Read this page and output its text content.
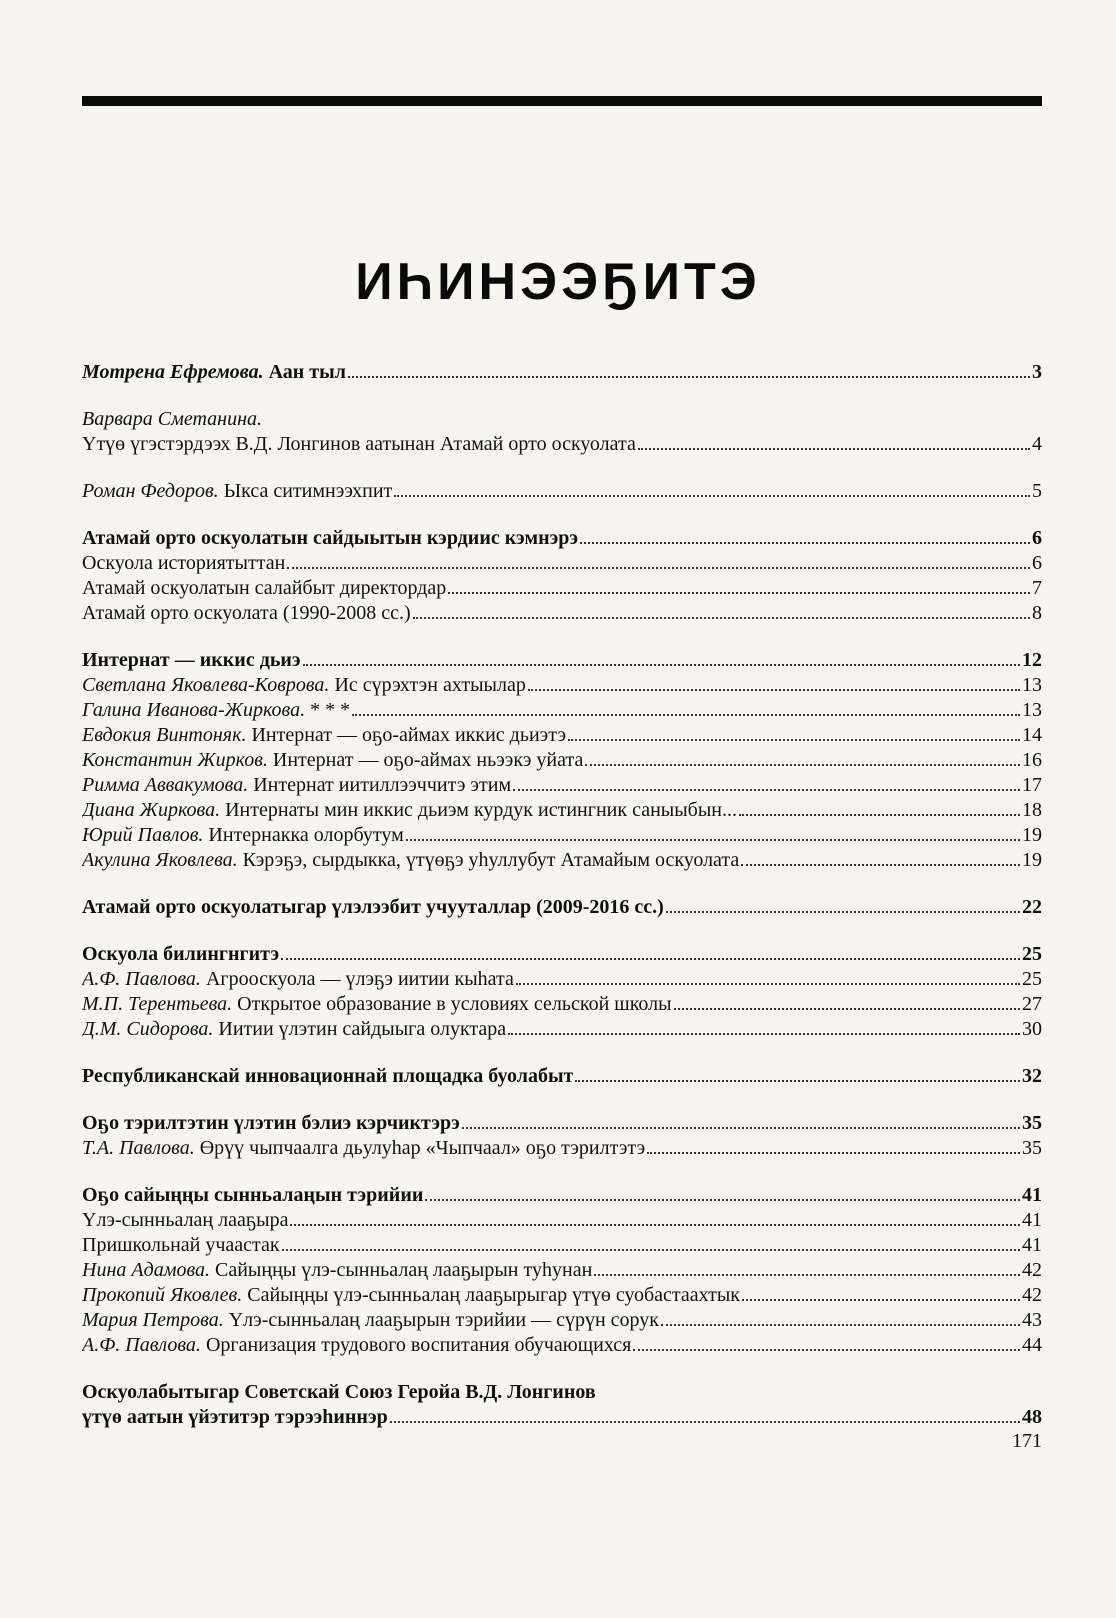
ИҺИНЭЭҔИТЭ
Мотрена Ефремова. Аан тыл	3
Варвара Сметанина.
Үтүө үгэстэрдээх В.Д. Лонгинов аатынан Атамай орто оскуолата	4
Роман Федоров. Ыкса ситимнээхпит	5
Атамай орто оскуолатын сайдыытын кэрдиис кэмнэрэ	6
Оскуола историятыттан	6
Атамай оскуолатын салайбыт директордар	7
Атамай орто оскуолата (1990-2008 сс.)	8
Интернат — иккис дьиэ	12
Светлана Яковлева-Коврова. Ис сүрэхтэн ахтыылар	13
Галина Иванова-Жиркова. * * *	13
Евдокия Винтоняк. Интернат — оҕо-аймах иккис дьиэтэ	14
Константин Жирков. Интернат — оҕо-аймах ньээкэ уйата	16
Римма Аввакумова. Интернат иитиллээччитэ этим	17
Диана Жиркова. Интернаты мин иккис дьиэм курдук истингник саныыбын...	18
Юрий Павлов. Интернакка олорбутум	19
Акулина Яковлева. Кэрэҕэ, сырдыкка, үтүөҕэ уһуллубут Атамайым оскуолата	19
Атамай орто оскуолатыгар үлэлээбит учууталлар (2009-2016 сс.)	22
Оскуола билингнгитэ	25
А.Ф. Павлова. Агрооскуола — үлэҕэ иитии кыһата	25
М.П. Терентьева. Открытое образование в условиях сельской школы	27
Д.М. Сидорова. Иитии үлэтин сайдыыга олуктара	30
Республиканскай инновационнай площадка буолабыт	32
Оҕо тэрилтэтин үлэтин бэлиэ кэрчиктэрэ	35
Т.А. Павлова. Өрүү чыпчаалга дьулуһар «Чыпчаал» оҕо тэрилтэтэ	35
Оҕо сайыңңы сынньалаңын тэрийии	41
Үлэ-сынньалаң лааҕыра	41
Пришкольнай учаастак	41
Нина Адамова. Сайыңңы үлэ-сынньалаң лааҕырын туһунан	42
Прокопий Яковлев. Сайыңңы үлэ-сынньалаң лааҕырыгар үтүө суобастаахтык	42
Мария Петрова. Үлэ-сынньалаң лааҕырын тэрийии — сүрүн сорук	43
А.Ф. Павлова. Организация трудового воспитания обучающихся	44
Оскуолабытыгар Советскай Союз Геройа В.Д. Лонгинов
үтүө аатын үйэтитэр тэрээһиннэр	48
171
